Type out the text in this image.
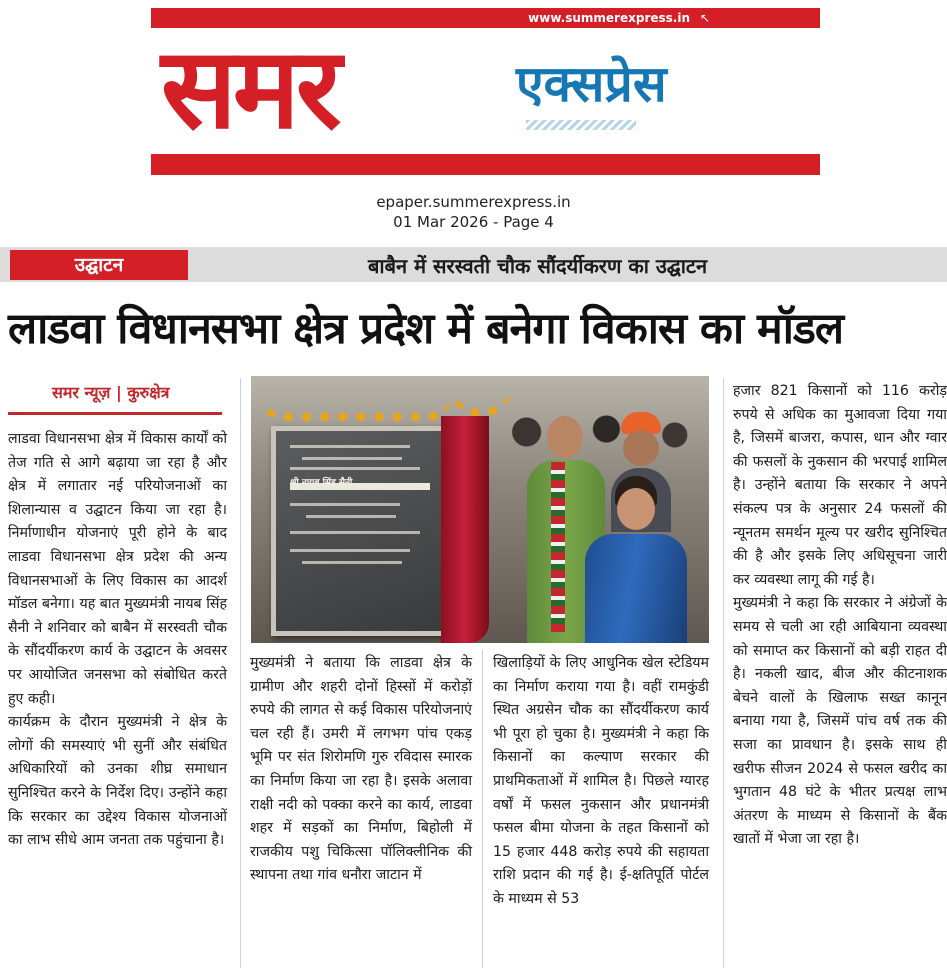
www.summerexpress.in ↖
समर	एक्सप्रेस
epaper.summerexpress.in
01 Mar 2026 - Page 4
उद्घाटन	बाबैन में सरस्वती चौक सौंदर्यीकरण का उद्घाटन
लाडवा विधानसभा क्षेत्र प्रदेश में बनेगा विकास का मॉडल
समर न्यूज़ | कुरुक्षेत्र

लाडवा विधानसभा क्षेत्र में विकास कार्यों को तेज गति से आगे बढ़ाया जा रहा है और क्षेत्र में लगातार नई परियोजनाओं का शिलान्यास व उद्घाटन किया जा रहा है। निर्माणाधीन योजनाएं पूरी होने के बाद लाडवा विधानसभा क्षेत्र प्रदेश की अन्य विधानसभाओं के लिए विकास का आदर्श मॉडल बनेगा। यह बात मुख्यमंत्री नायब सिंह सैनी ने शनिवार को बाबैन में सरस्वती चौक के सौंदर्यीकरण कार्य के उद्घाटन के अवसर पर आयोजित जनसभा को संबोधित करते हुए कही।

कार्यक्रम के दौरान मुख्यमंत्री ने क्षेत्र के लोगों की समस्याएं भी सुनीं और संबंधित अधिकारियों को उनका शीघ्र समाधान सुनिश्चित करने के निर्देश दिए। उन्होंने कहा कि सरकार का उद्देश्य विकास योजनाओं का लाभ सीधे आम जनता तक पहुंचाना है।

श्री नायब सिंह सैनी

मुख्यमंत्री ने बताया कि लाडवा क्षेत्र के ग्रामीण और शहरी दोनों हिस्सों में करोड़ों रुपये की लागत से कई विकास परियोजनाएं चल रही हैं। उमरी में लगभग पांच एकड़ भूमि पर संत शिरोमणि गुरु रविदास स्मारक का निर्माण किया जा रहा है। इसके अलावा राक्षी नदी को पक्का करने का कार्य, लाडवा शहर में सड़कों का निर्माण, बिहोली में राजकीय पशु चिकित्सा पॉलिक्लीनिक की स्थापना तथा गांव धनौरा जाटान में

खिलाड़ियों के लिए आधुनिक खेल स्टेडियम का निर्माण कराया गया है। वहीं रामकुंडी स्थित अग्रसेन चौक का सौंदर्यीकरण कार्य भी पूरा हो चुका है। मुख्यमंत्री ने कहा कि किसानों का कल्याण सरकार की प्राथमिकताओं में शामिल है। पिछले ग्यारह वर्षों में फसल नुकसान और प्रधानमंत्री फसल बीमा योजना के तहत किसानों को 15 हजार 448 करोड़ रुपये की सहायता राशि प्रदान की गई है। ई-क्षतिपूर्ति पोर्टल के माध्यम से 53

हजार 821 किसानों को 116 करोड़ रुपये से अधिक का मुआवजा दिया गया है, जिसमें बाजरा, कपास, धान और ग्वार की फसलों के नुकसान की भरपाई शामिल है। उन्होंने बताया कि सरकार ने अपने संकल्प पत्र के अनुसार 24 फसलों की न्यूनतम समर्थन मूल्य पर खरीद सुनिश्चित की है और इसके लिए अधिसूचना जारी कर व्यवस्था लागू की गई है।

मुख्यमंत्री ने कहा कि सरकार ने अंग्रेजों के समय से चली आ रही आबियाना व्यवस्था को समाप्त कर किसानों को बड़ी राहत दी है। नकली खाद, बीज और कीटनाशक बेचने वालों के खिलाफ सख्त कानून बनाया गया है, जिसमें पांच वर्ष तक की सजा का प्रावधान है। इसके साथ ही खरीफ सीजन 2024 से फसल खरीद का भुगतान 48 घंटे के भीतर प्रत्यक्ष लाभ अंतरण के माध्यम से किसानों के बैंक खातों में भेजा जा रहा है।
